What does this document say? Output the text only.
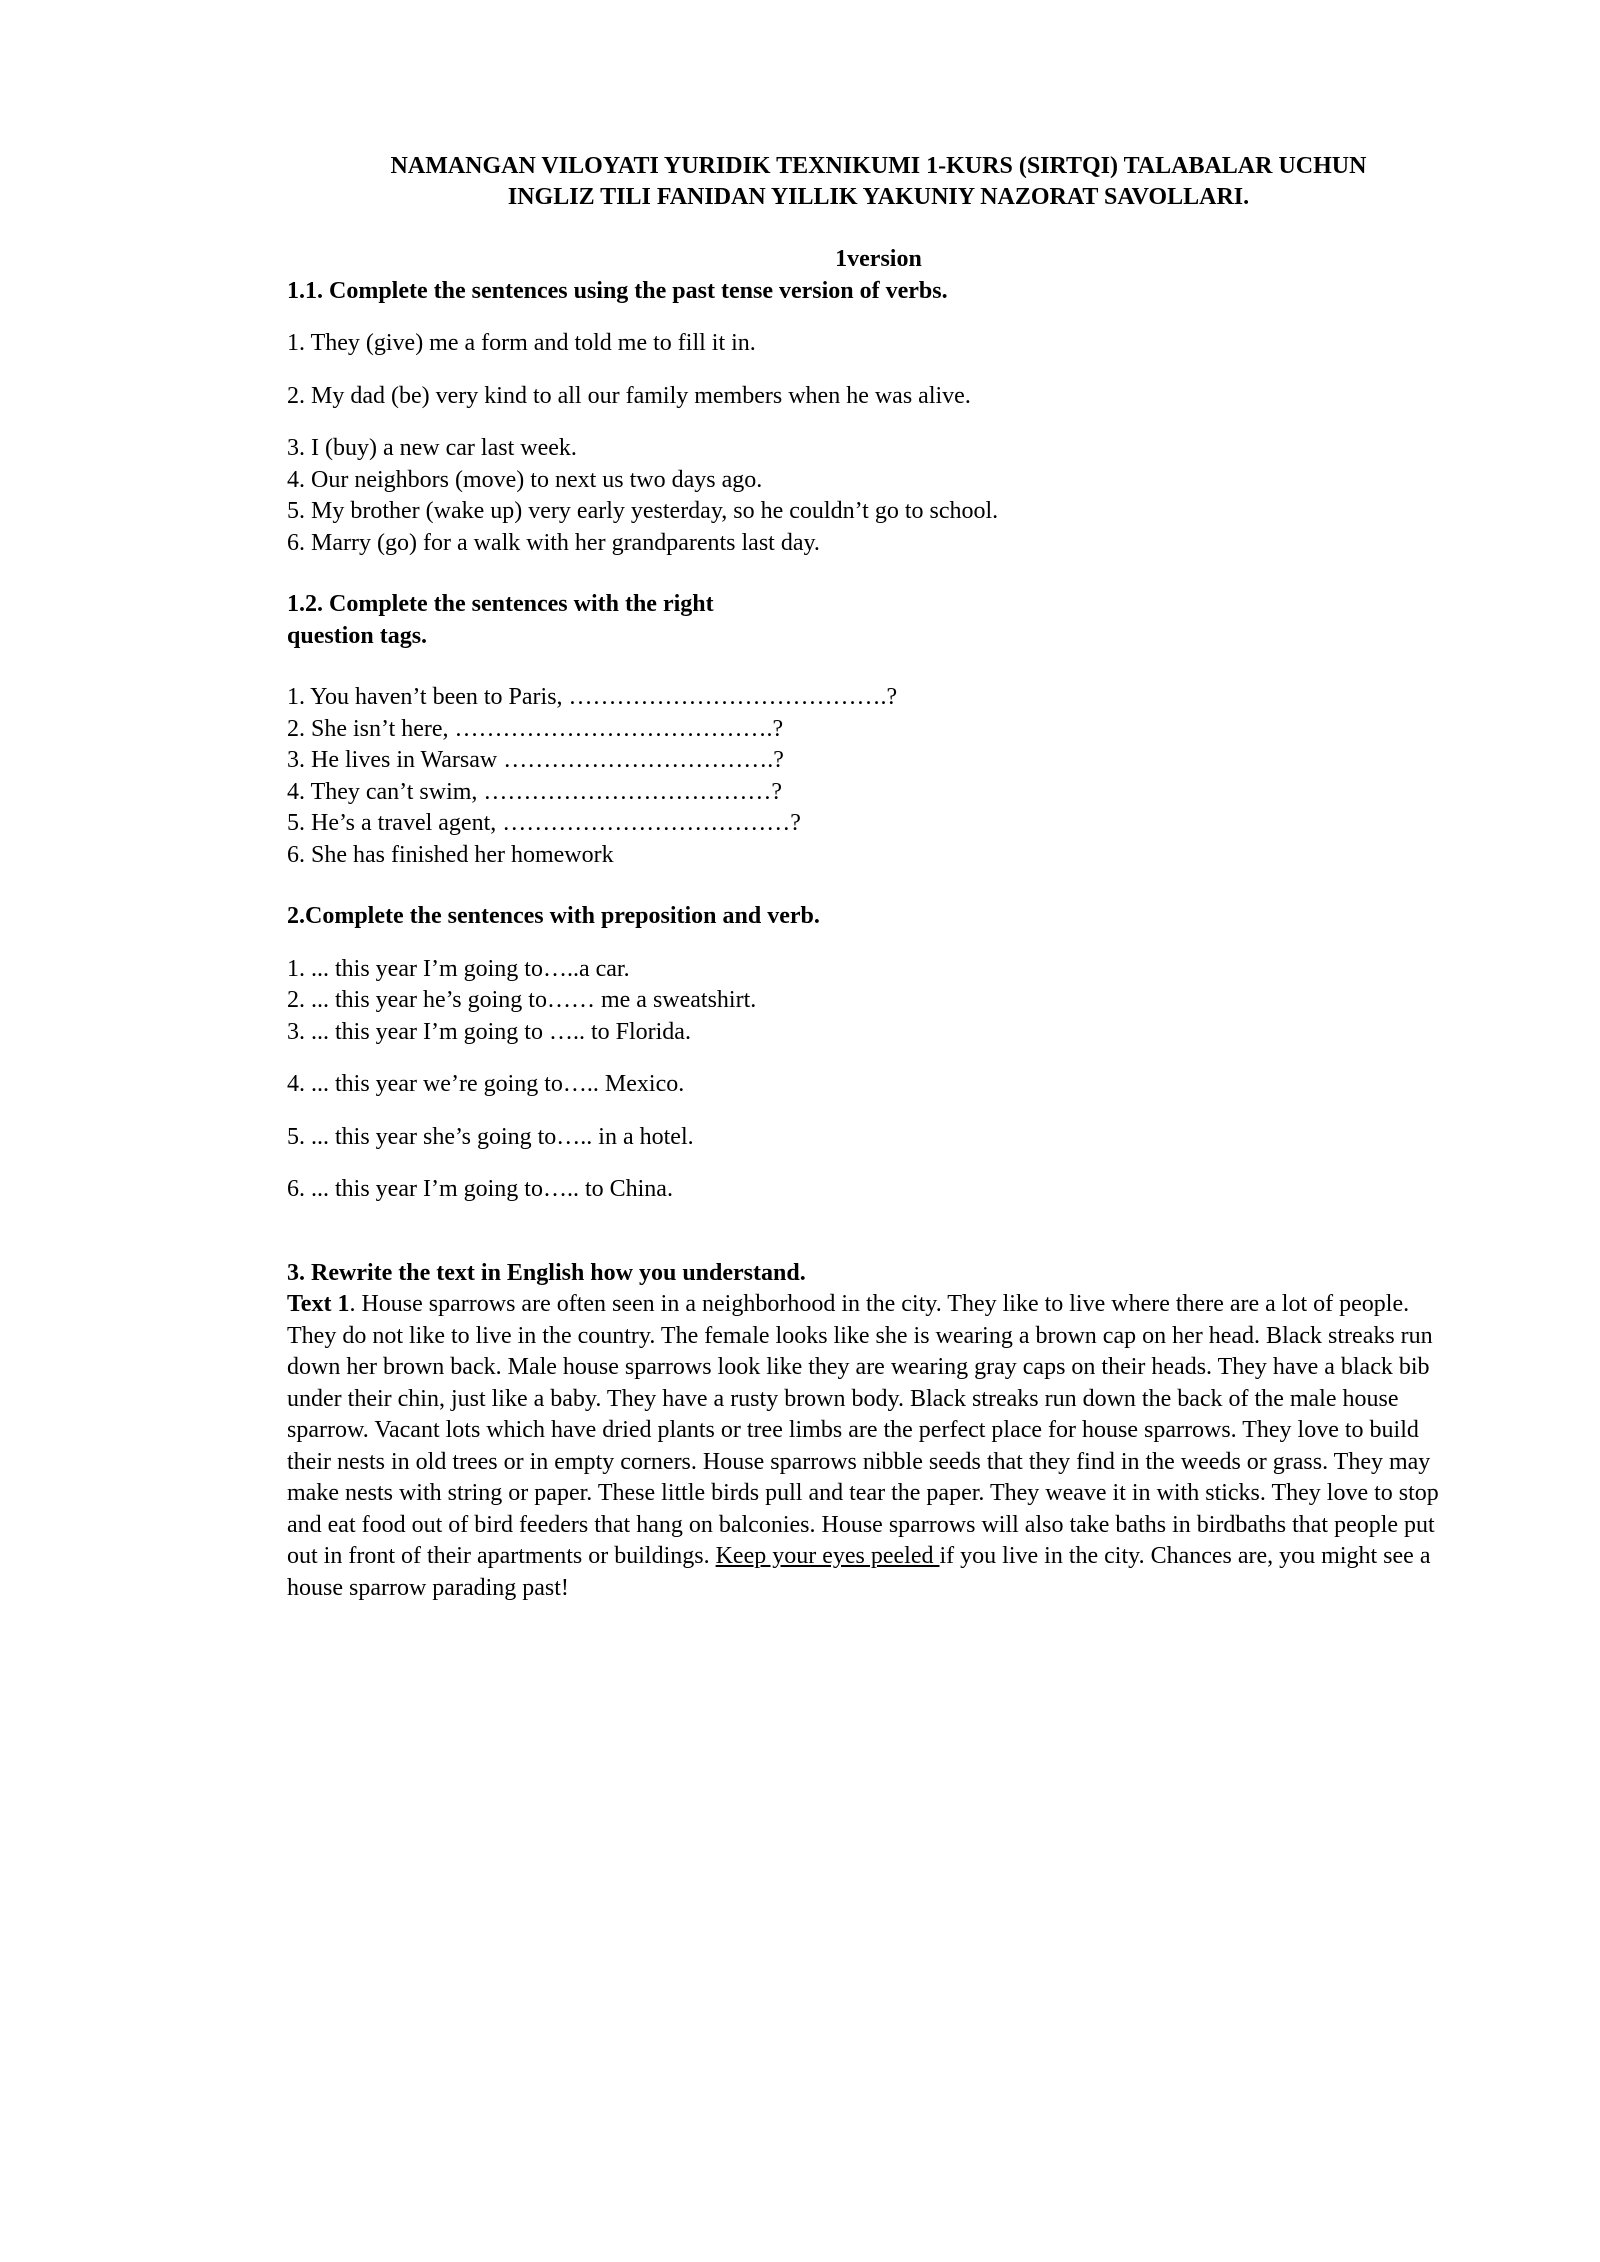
NAMANGAN VILOYATI YURIDIK TEXNIKUMI 1-KURS (SIRTQI) TALABALAR UCHUN
INGLIZ TILI FANIDAN YILLIK YAKUNIY NAZORAT SAVOLLARI.

1version

1.1. Complete the sentences using the past tense version of verbs.

1. They (give) me a form and told me to fill it in.

2. My dad (be) very kind to all our family members when he was alive.

3. I (buy) a new car last week.

4. Our neighbors (move) to next us two days ago.

5. My brother (wake up) very early yesterday, so he couldn’t go to school.

6. Marry (go) for a walk with her grandparents last day.

1.2. Complete the sentences with the right
question tags.

1. You haven’t been to Paris, ………………………………….?

2. She isn’t here, ………………………………….?

3. He lives in Warsaw …………………………….?

4. They can’t swim, ………………………………?

5. He’s a travel agent, ………………………………?

6. She has finished her homework

2.Complete the sentences with preposition and verb.

1. ... this year I’m going to…..a car.

2. ... this year he’s going to…… me a sweatshirt.

3. ... this year I’m going to ….. to Florida.

4. ... this year we’re going to….. Mexico.

5. ... this year she’s going to….. in a hotel.

6. ... this year I’m going to….. to China.

3. Rewrite the text in English how you understand.

Text 1. House sparrows are often seen in a neighborhood in the city. They like to live where there are a lot of people. They do not like to live in the country. The female looks like she is wearing a brown cap on her head. Black streaks run down her brown back. Male house sparrows look like they are wearing gray caps on their heads. They have a black bib under their chin, just like a baby. They have a rusty brown body. Black streaks run down the back of the male house sparrow. Vacant lots which have dried plants or tree limbs are the perfect place for house sparrows. They love to build their nests in old trees or in empty corners. House sparrows nibble seeds that they find in the weeds or grass. They may make nests with string or paper. These little birds pull and tear the paper. They weave it in with sticks. They love to stop and eat food out of bird feeders that hang on balconies. House sparrows will also take baths in birdbaths that people put out in front of their apartments or buildings. Keep your eyes peeled if you live in the city. Chances are, you might see a house sparrow parading past!
